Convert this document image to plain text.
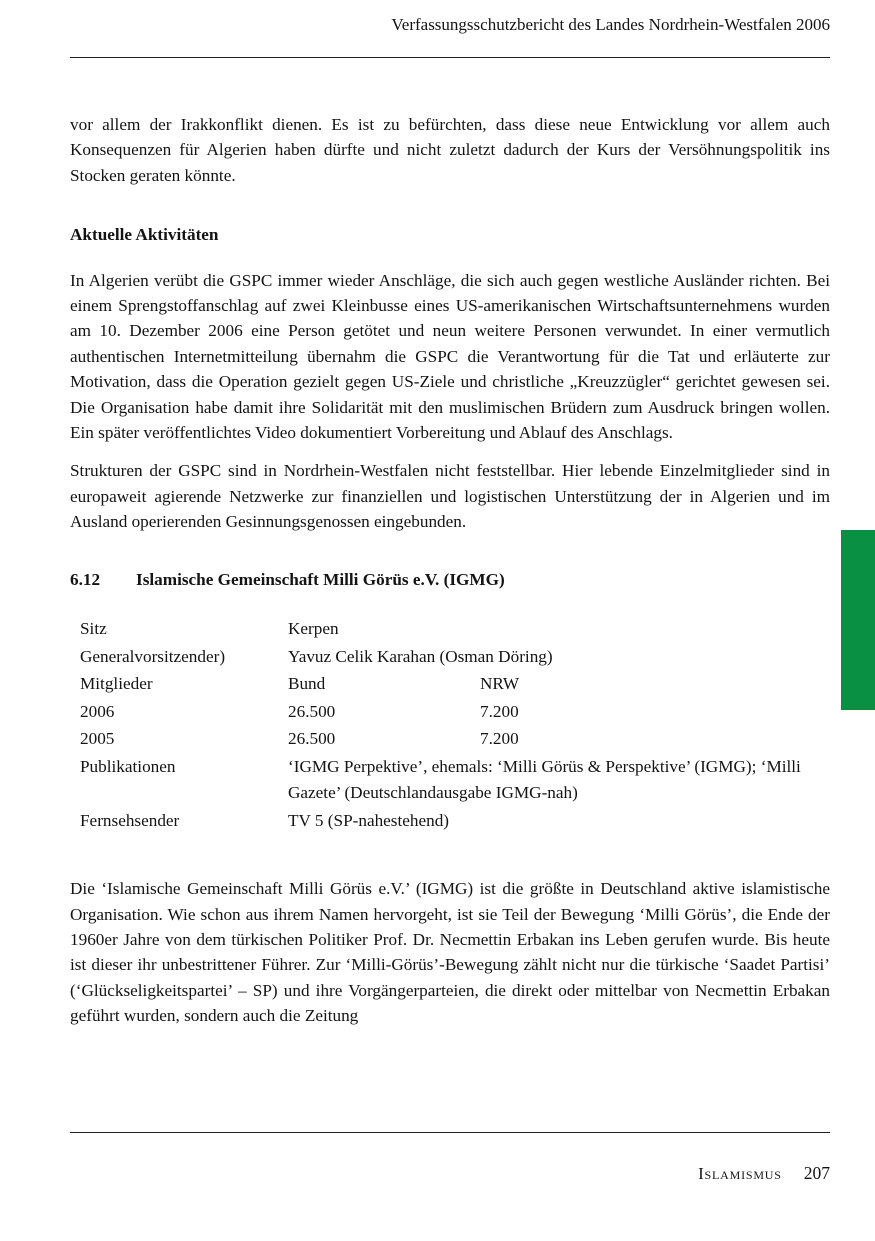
Verfassungsschutzbericht des Landes Nordrhein-Westfalen 2006

vor allem der Irakkonflikt dienen. Es ist zu befürchten, dass diese neue Entwicklung vor allem auch Konsequenzen für Algerien haben dürfte und nicht zuletzt dadurch der Kurs der Versöhnungspolitik ins Stocken geraten könnte.

Aktuelle Aktivitäten

In Algerien verübt die GSPC immer wieder Anschläge, die sich auch gegen westliche Ausländer richten. Bei einem Sprengstoffanschlag auf zwei Kleinbusse eines US-amerikanischen Wirtschaftsunternehmens wurden am 10. Dezember 2006 eine Person getötet und neun weitere Personen verwundet. In einer vermutlich authentischen Internetmitteilung übernahm die GSPC die Verantwortung für die Tat und erläuterte zur Motivation, dass die Operation gezielt gegen US-Ziele und christliche „Kreuzzügler“ gerichtet gewesen sei. Die Organisation habe damit ihre Solidarität mit den muslimischen Brüdern zum Ausdruck bringen wollen. Ein später veröffentlichtes Video dokumentiert Vorbereitung und Ablauf des Anschlags.

Strukturen der GSPC sind in Nordrhein-Westfalen nicht feststellbar. Hier lebende Einzelmitglieder sind in europaweit agierende Netzwerke zur finanziellen und logistischen Unterstützung der in Algerien und im Ausland operierenden Gesinnungsgenossen eingebunden.

6.12	Islamische Gemeinschaft Milli Görüs e.V. (IGMG)
Sitz	Kerpen
Generalvorsitzender)	Yavuz Celik Karahan (Osman Döring)
Mitglieder	Bund	NRW
2006	26.500	7.200
2005	26.500	7.200
Publikationen	‘IGMG Perpektive’, ehemals: ‘Milli Görüs & Perspektive’ (IGMG); ‘Milli Gazete’ (Deutschlandausgabe IGMG-nah)
Fernsehsender	TV 5 (SP-nahestehend)

Die ‘Islamische Gemeinschaft Milli Görüs e.V.’ (IGMG) ist die größte in Deutschland aktive islamistische Organisation. Wie schon aus ihrem Namen hervorgeht, ist sie Teil der Bewegung ‘Milli Görüs’, die Ende der 1960er Jahre von dem türkischen Politiker Prof. Dr. Necmettin Erbakan ins Leben gerufen wurde. Bis heute ist dieser ihr unbestrittener Führer. Zur ‘Milli-Görüs’-Bewegung zählt nicht nur die türkische ‘Saadet Partisi’ (‘Glückseligkeitspartei’ – SP) und ihre Vorgängerparteien, die direkt oder mittelbar von Necmettin Erbakan geführt wurden, sondern auch die Zeitung

Islamismus 207
